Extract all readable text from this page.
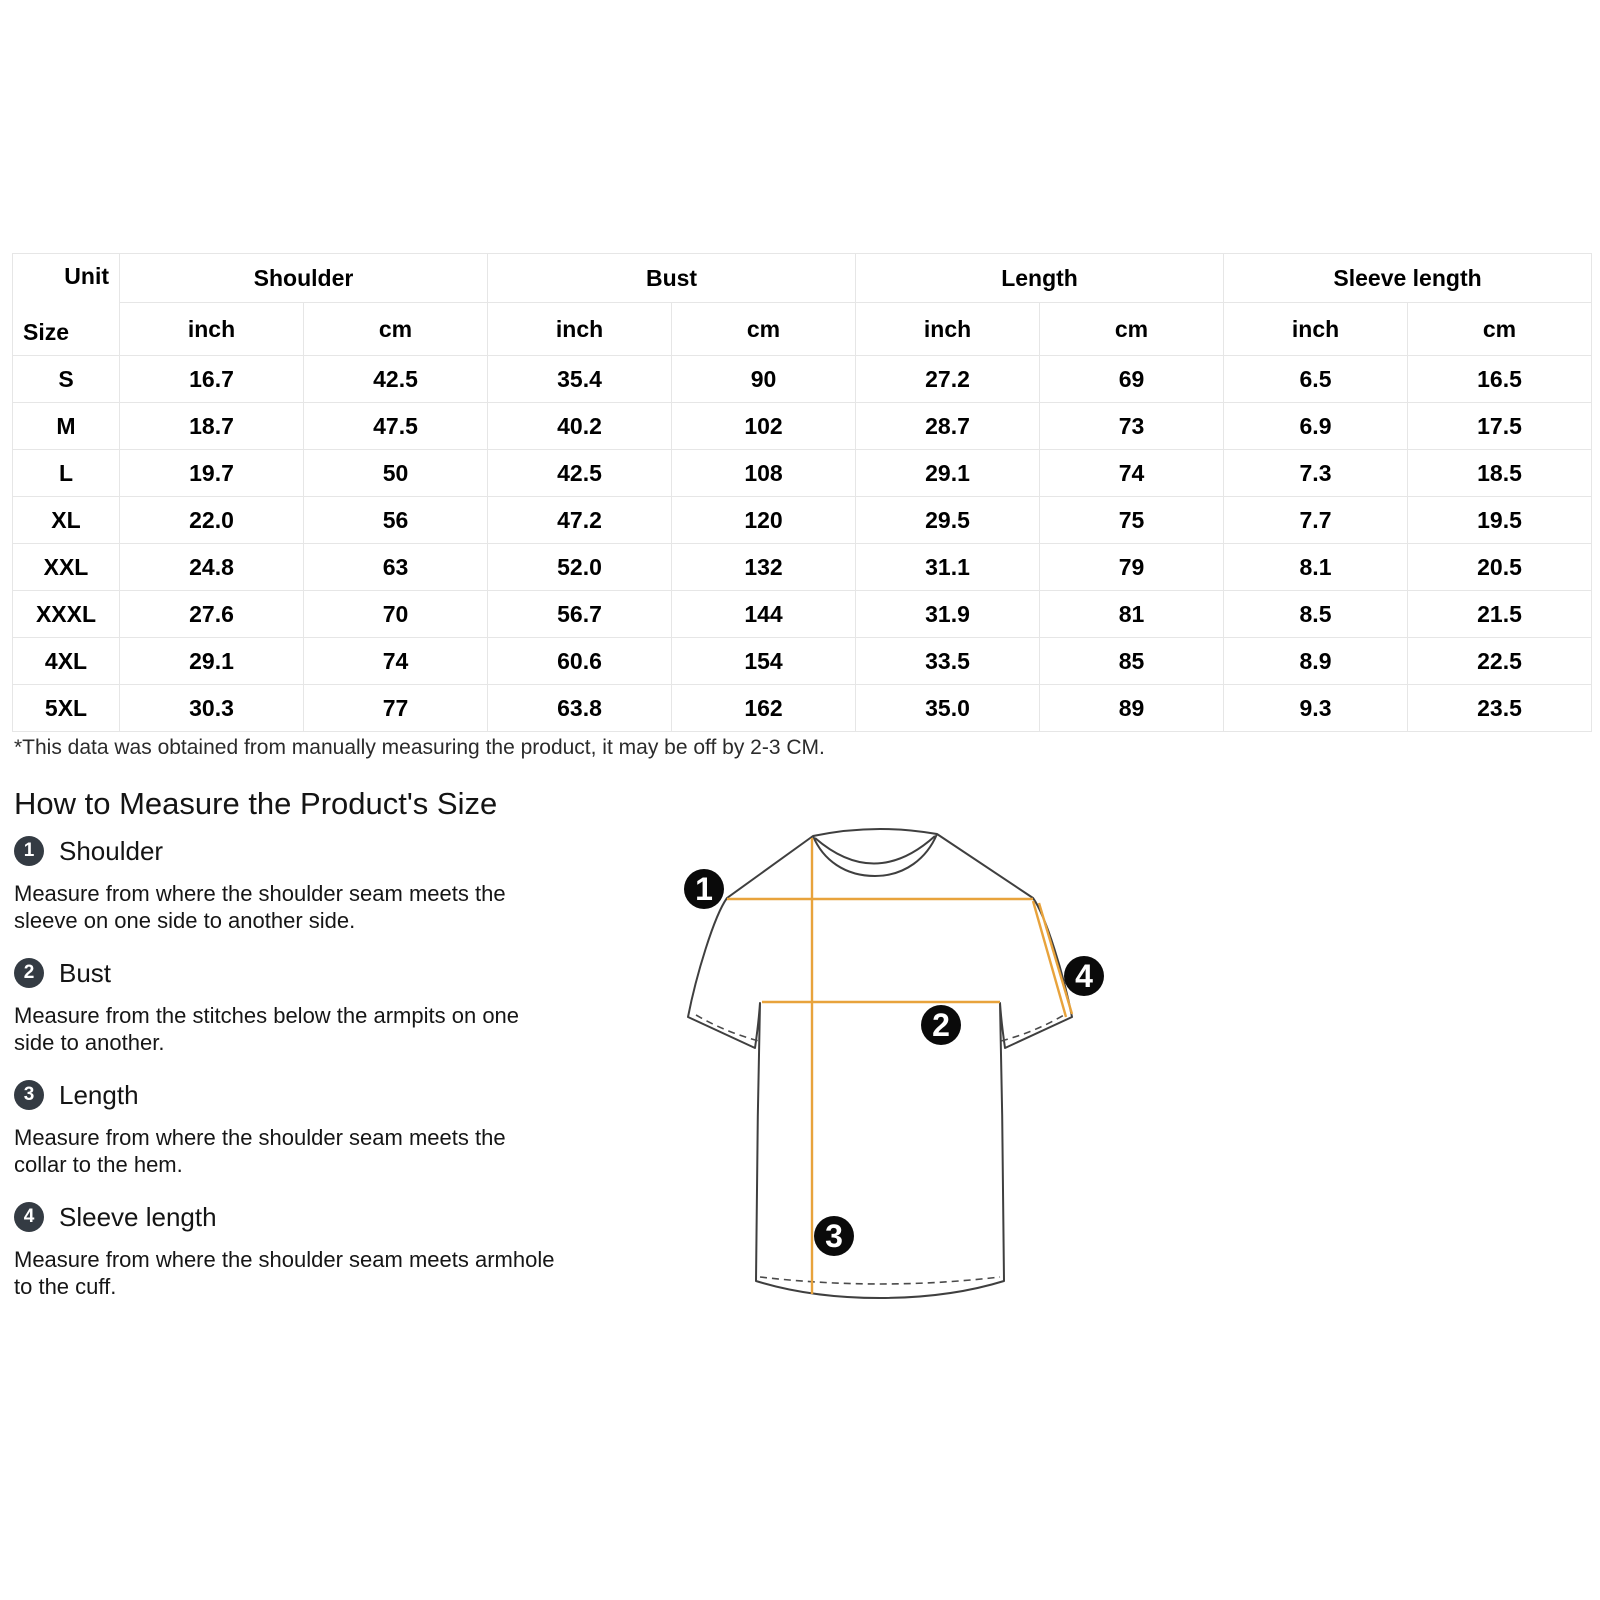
Unit
Size	Shoulder		Bust		Length		Sleeve length	
	inch	cm	inch	cm	inch	cm	inch	cm
S	16.7	42.5	35.4	90	27.2	69	6.5	16.5
M	18.7	47.5	40.2	102	28.7	73	6.9	17.5
L	19.7	50	42.5	108	29.1	74	7.3	18.5
XL	22.0	56	47.2	120	29.5	75	7.7	19.5
XXL	24.8	63	52.0	132	31.1	79	8.1	20.5
XXXL	27.6	70	56.7	144	31.9	81	8.5	21.5
4XL	29.1	74	60.6	154	33.5	85	8.9	22.5
5XL	30.3	77	63.8	162	35.0	89	9.3	23.5
*This data was obtained from manually measuring the product, it may be off by 2-3 CM.
How to Measure the Product's Size
1 Shoulder

Measure from where the shoulder seam meets the sleeve on one side to another side.

2 Bust

Measure from the stitches below the armpits on one side to another.

3 Length

Measure from where the shoulder seam meets the collar to the hem.

4 Sleeve length

Measure from where the shoulder seam meets armhole to the cuff.

1
2
3
4
